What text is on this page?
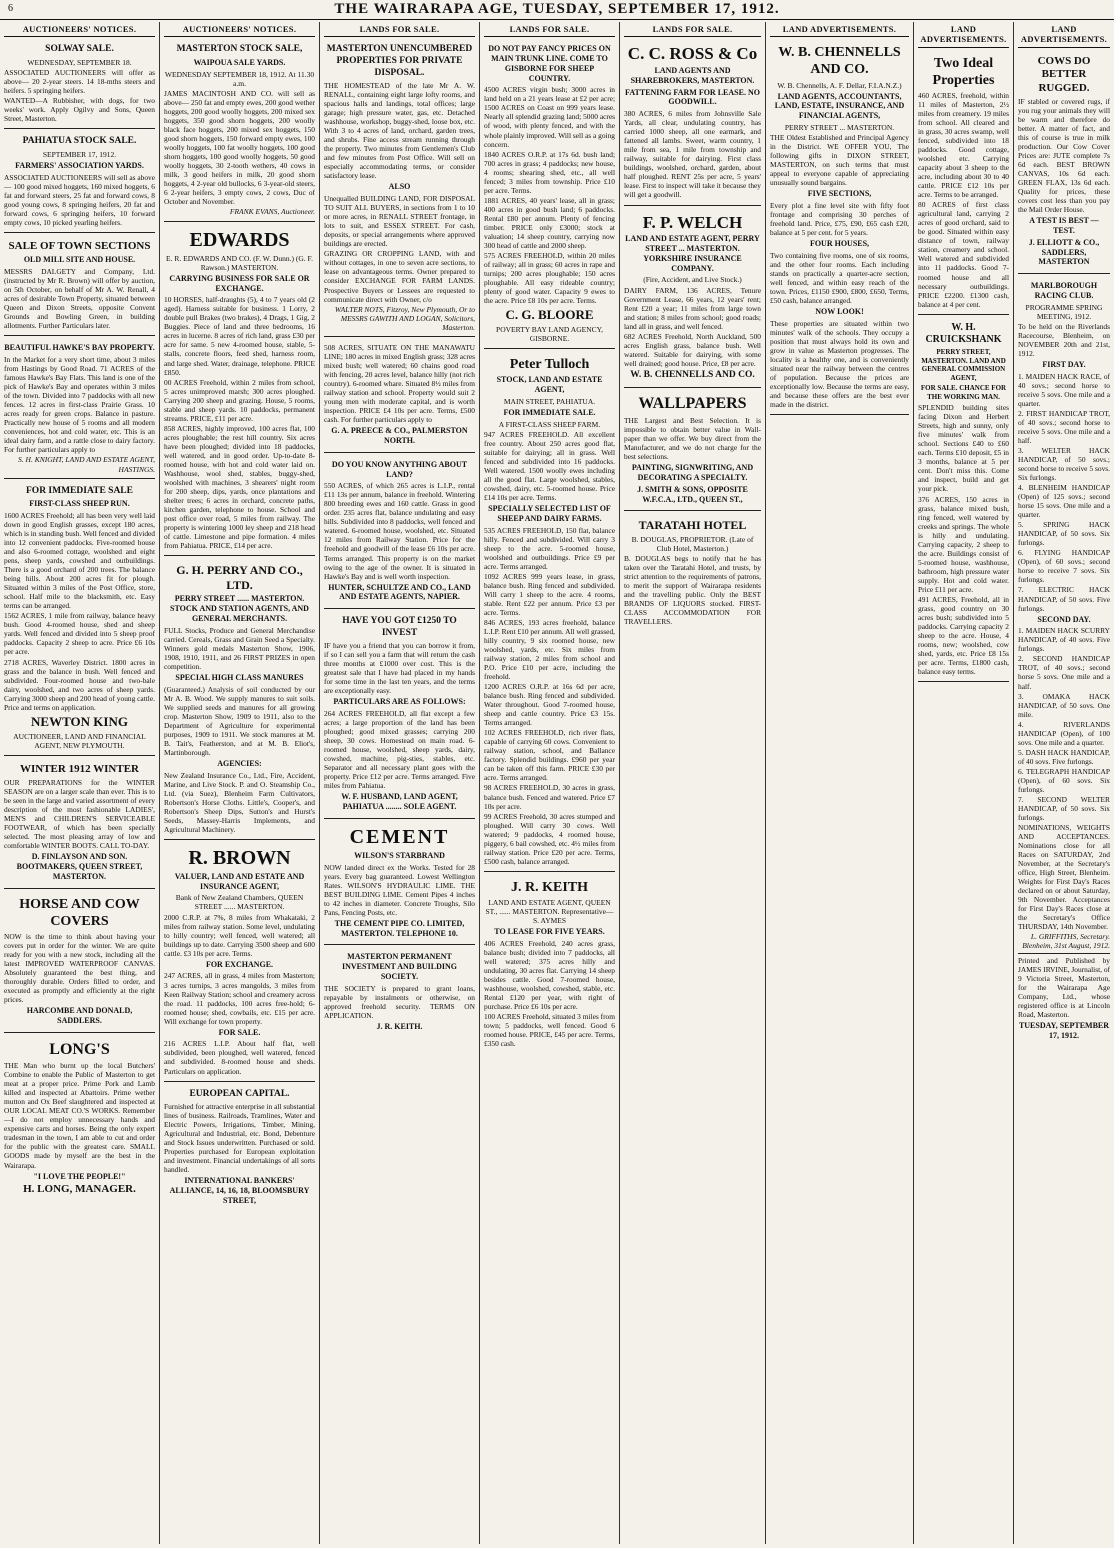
6	THE WAIRARAPA AGE, TUESDAY, SEPTEMBER 17, 1912.
AUCTIONEERS' NOTICES.
SOLWAY SALE.
WEDNESDAY, SEPTEMBER 18.

ASSOCIATED AUCTIONEERS will offer as above— 20 2-year steers. 14 18-mths steers and heifers. 5 springing heifers.

WANTED—A Rubbisher, with dogs, for two weeks' work. Apply Ogilvy and Sons, Queen Street, Masterton.

PAHIATUA STOCK SALE.
SEPTEMBER 17, 1912.
FARMERS' ASSOCIATION YARDS.

ASSOCIATED AUCTIONEERS will sell as above— 100 good mixed hoggets, 160 mixed hoggets, 6 fat and forward steers, 25 fat and forward cows, 8 good young cows, 8 springing heifers, 20 fat and forward cows, 6 springing heifers, 10 forward empty cows, 10 picked yearling heifers.

SALE OF TOWN SECTIONS
OLD MILL SITE AND HOUSE.

MESSRS DALGETY and Company, Ltd. (instructed by Mr R. Brown) will offer by auction, on 5th October, on behalf of Mr A. W. Renall, 4 acres of desirable Town Property, situated between Queen and Dixon Streets, opposite Convent Grounds and Bowling Green, in building allotments. Further Particulars later.

BEAUTIFUL HAWKE'S BAY PROPERTY.

In the Market for a very short time, about 3 miles from Hastings by Good Road. 71 ACRES of the famous Hawke's Bay Flats. This land is one of the pick of Hawke's Bay and operates within 3 miles of the town. Divided into 7 paddocks with all new fences. 12 acres in first-class Prairie Grass. 10 acres ready for green crops. Balance in pasture. Practically new house of 5 rooms and all modern conveniences, hot and cold water, etc. This is an ideal dairy farm, and a rattle close to dairy factory. For further particulars apply to

S. H. KNIGHT, LAND AND ESTATE AGENT, HASTINGS.
FOR IMMEDIATE SALE
FIRST-CLASS SHEEP RUN.

1600 ACRES Freehold; all has been very well laid down in good English grasses, except 180 acres, which is in standing bush. Well fenced and divided into 12 convenient paddocks. Five-roomed house and also 6-roomed cottage, woolshed and eight pens, sheep yards, cowshed and outbuildings. There is a good orchard of 200 trees. The balance being hills. About 200 acres fit for plough. Situated within 3 miles of the Post Office, store, school. Half mile to the blacksmith, etc. Easy terms can be arranged.

1562 ACRES, 1 mile from railway, balance heavy bush. Good 4-roomed house, shed and sheep yards. Well fenced and divided into 5 sheep proof paddocks. Capacity 2 sheep to acre. Price £6 10s per acre.

2718 ACRES, Waverley District. 1800 acres in grass and the balance in bush. Well fenced and subdivided. Four-roomed house and two-bale dairy, woolshed, and two acres of sheep yards. Carrying 3000 sheep and 200 head of young cattle. Price and terms on application.

NEWTON KING
AUCTIONEER, LAND AND FINANCIAL AGENT, NEW PLYMOUTH.
WINTER 1912 WINTER

OUR PREPARATIONS for the WINTER SEASON are on a larger scale than ever. This is to be seen in the large and varied assortment of every description of the most fashionable LADIES', MEN'S and CHILDREN'S SERVICEABLE FOOTWEAR, of which has been specially selected. The most pleasing array of low and comfortable WINTER BOOTS. CALL TO-DAY.

D. FINLAYSON AND SON. BOOTMAKERS, QUEEN STREET, MASTERTON.
HORSE AND COW COVERS

NOW is the time to think about having your covers put in order for the winter. We are quite ready for you with a new stock, including all the latest IMPROVED WATERPROOF CANVAS. Absolutely guaranteed the best thing, and thoroughly durable. Orders filled to order, and executed as promptly and efficiently at the right prices.

HARCOMBE AND DONALD, SADDLERS.
LONG'S

THE Man who burnt up the local Butchers' Combine to enable the Public of Masterton to get meat at a proper price. Prime Pork and Lamb killed and inspected at Abattoirs. Prime wether mutton and Ox Beef slaughtered and inspected at OUR LOCAL MEAT CO.'S WORKS. Remember—I do not employ unnecessary hands and expensive carts and horses. Being the only expert tradesman in the town, I am able to cut and order for the public with the greatest care. SMALL GOODS made by myself are the best in the Wairarapa.

"I LOVE THE PEOPLE!"
H. LONG, MANAGER.
AUCTIONEERS' NOTICES.
MASTERTON STOCK SALE,
WAIPOUA SALE YARDS.
WEDNESDAY SEPTEMBER 18, 1912. At 11.30 a.m.

JAMES MACINTOSH AND CO. will sell as above— 250 fat and empty ewes, 200 good wether hoggets, 200 good woolly hoggets, 200 mixed sex hoggets, 350 good shorn hoggets, 200 woolly black face hoggets, 200 mixed sex hoggets, 150 good shorn hoggets, 150 forward empty ewes, 100 woolly hoggets, 100 fat woolly hoggets, 100 good shorn hoggets, 100 good woolly hoggets, 50 good woolly hoggets, 30 2-tooth wethers, 40 cows in milk, 3 good heifers in milk, 20 good shorn hoggets, 4 2-year old bullocks, 6 3-year-old steers, 6 2-year heifers, 3 empty cows, 2 cows, Duc of October and November.

FRANK EVANS, Auctioneer.
EDWARDS
E. R. EDWARDS AND CO. (F. W. Dunn.) (G. F. Rawson.) MASTERTON.
CARRYING BUSINESS FOR SALE OR EXCHANGE.

10 HORSES, half-draughts (5), 4 to 7 years old (2 aged). Harness suitable for business. 1 Lorry, 2 double pull Brakes (two brakes), 4 Drags, 1 Gig, 2 Buggies. Piece of land and three bedrooms, 16 acres in lucerne. 8 acres of rich land, grass £30 per acre for same. 5 new 4-roomed house, stable, 5-stalls, concrete floors, feed shed, harness room, and large shed. Water, drainage, telephone. PRICE £850.

00 ACRES Freehold, within 2 miles from school, 5 acres unimproved marsh; 300 acres ploughed. Carrying 200 sheep and grazing. House, 5 rooms, stable and sheep yards. 10 paddocks, permanent streams. PRICE, £11 per acre.

858 ACRES, highly improved, 100 acres flat, 100 acres ploughable; the rest hill country. Six acres have been ploughed; divided into 18 paddocks, well watered, and in good order. Up-to-date 8-roomed house, with hot and cold water laid on. Washhouse, wool shed, stables, buggy-shed, woolshed with machines, 3 shearers' night room for 200 sheep, dips, yards, once plantations and shelter trees; 6 acres in orchard, concrete paths, kitchen garden, telephone to house. School and post office over road, 5 miles from railway. The property is wintering 1000 ley sheep and 218 head of cattle. Limestone and pipe formation. 4 miles from Pahiatua. PRICE, £14 per acre.

G. H. PERRY AND CO., LTD.
PERRY STREET ...... MASTERTON. STOCK AND STATION AGENTS, AND GENERAL MERCHANTS.

FULL Stocks, Produce and General Merchandise carried. Cereals, Grass and Grain Seed a Specialty. Winners gold medals Masterton Show, 1906, 1908, 1910, 1911, and 26 FIRST PRIZES in open competition.

SPECIAL HIGH CLASS MANURES

(Guaranteed.) Analysis of soil conducted by our Mr A. B. Wood. We supply manures to suit soils. We supplied seeds and manures for all growing crop. Masterton Show, 1909 to 1911, also to the Department of Agriculture for experimental purposes, 1909 to 1911. We stock manures at M. B. Tait's, Featherston, and at M. B. Eliot's, Martinborough.

AGENCIES:

New Zealand Insurance Co., Ltd., Fire, Accident, Marine, and Live Stock. P. and O. Steamship Co., Ltd. (via Suez), Blenheim Farm Cultivators, Robertson's Horse Cloths. Little's, Cooper's, and Robertson's Sheep Dips, Sutton's and Hurst's Seeds, Massey-Harris Implements, and Agricultural Machinery.

R. BROWN
VALUER, LAND AND ESTATE AND INSURANCE AGENT,
Bank of New Zealand Chambers, QUEEN STREET ...... MASTERTON.

2000 C.R.P. at 7%, 8 miles from Whakataki, 2 miles from railway station. Some level, undulating to hilly country; well fenced, well watered; all buildings up to date. Carrying 3500 sheep and 600 cattle. £3 10s per acre. Terms.

FOR EXCHANGE.

247 ACRES, all in grass, 4 miles from Masterton; 3 acres turnips, 3 acres mangolds, 3 miles from Keen Railway Station; school and creamery across the road. 11 paddocks, 100 acres free-hold; 6-roomed house; shed, cowbails, etc. £15 per acre. Will exchange for town property.

FOR SALE.

216 ACRES L.I.P. About half flat, well subdivided, been ploughed, well watered, fenced and subdivided. 8-roomed house and sheds. Particulars on application.

EUROPEAN CAPITAL.

Furnished for attractive enterprise in all substantial lines of business. Railroads, Tramlines, Water and Electric Powers, Irrigations, Timber, Mining, Agricultural and Industrial, etc. Bond, Debenture and Stock Issues underwritten. Purchased or sold. Properties purchased for European exploitation and investment. Financial undertakings of all sorts handled.

INTERNATIONAL BANKERS' ALLIANCE, 14, 16, 18, BLOOMSBURY STREET,
LANDS FOR SALE.
MASTERTON UNENCUMBERED PROPERTIES FOR PRIVATE DISPOSAL.

THE HOMESTEAD of the late Mr A. W. RENALL, containing eight large lofty rooms, and spacious halls and landings, total offices; large garage; high pressure water, gas, etc. Detached washhouse, workshop, buggy-shed, loose box, etc. With 3 to 4 acres of land, orchard, garden trees, and shrubs. Fine access stream running through the property. Two minutes from Gentlemen's Club and few minutes from Post Office. Will sell on especially accommodating terms, or consider satisfactory lease.

ALSO

Unequalled BUILDING LAND, FOR DISPOSAL TO SUIT ALL BUYERS, in sections from 1 to 10 or more acres, in RENALL STREET frontage, in lots to suit, and ESSEX STREET. For cash, deposits, or special arrangements where approved buildings are erected.

GRAZING OR CROPPING LAND, with and without cottages, in one to seven acre sections, to lease on advantageous terms. Owner prepared to consider EXCHANGE FOR FARM LANDS. Prospective Buyers or Lessees are requested to communicate direct with Owner, c/o

WALTER NOTS, Fitzroy, New Plymouth, Or to MESSRS GAWITH AND LOGAN, Solicitors, Masterton.

508 ACRES, SITUATE ON THE MANAWATU LINE; 180 acres in mixed English grass; 328 acres mixed bush; well watered; 60 chains good road with fencing, 20 acres level, balance hilly (not rich country). 6-roomed whare. Situated 8½ miles from railway station and school. Property would suit 2 young men with moderate capital, and is worth inspection. PRICE £4 10s per acre. Terms, £500 cash. For further particulars apply to

G. A. PREECE & CO., PALMERSTON NORTH.
DO YOU KNOW ANYTHING ABOUT LAND?

550 ACRES, of which 265 acres is L.I.P., rental £11 13s per annum, balance in freehold. Wintering 800 breeding ewes and 160 cattle. Grass in good order. 235 acres flat, balance undulating and easy hills. Subdivided into 8 paddocks, well fenced and watered. 6-roomed house, woolshed, etc. Situated 12 miles from Railway Station. Price for the freehold and goodwill of the lease £6 10s per acre. Terms arranged. This property is on the market owing to the age of the owner. It is situated in Hawke's Bay and is well worth inspection.

HUNTER, SCHULTZE AND CO., LAND AND ESTATE AGENTS, NAPIER.
HAVE YOU GOT £1250 TO INVEST

IF have you a friend that you can borrow it from, if so I can sell you a farm that will return the cash three months at £1000 over cost. This is the greatest sale that I have had placed in my hands for some time in the last ten years, and the terms are exceptionally easy.

PARTICULARS ARE AS FOLLOWS:

264 ACRES FREEHOLD, all flat except a few acres; a large proportion of the land has been ploughed; good mixed grasses; carrying 200 sheep, 30 cows. Homestead on main road. 6-roomed house, woolshed, sheep yards, dairy, cowshed, machine, pig-sties, stables, etc. Separator and all necessary plant goes with the property. Price £12 per acre. Terms arranged. Five miles from Pahiatua.

W. F. HUSBAND, LAND AGENT, PAHIATUA ........ SOLE AGENT.
CEMENT
WILSON'S STARBRAND

NOW landed direct ex the Works. Tested for 28 years. Every bag guaranteed. Lowest Wellington Rates. WILSON'S HYDRAULIC LIME. THE BEST BUILDING LIME. Cement Pipes 4 inches to 42 inches in diameter. Concrete Troughs, Silo Pans, Fencing Posts, etc.

THE CEMENT PIPE CO. LIMITED, MASTERTON. TELEPHONE 10.
MASTERTON PERMANENT INVESTMENT AND BUILDING SOCIETY.

THE SOCIETY is prepared to grant loans, repayable by instalments or otherwise, on approved freehold security. TERMS ON APPLICATION.

J. R. KEITH.
LANDS FOR SALE.
DO NOT PAY FANCY PRICES ON MAIN TRUNK LINE. COME TO GISBORNE FOR SHEEP COUNTRY.

4500 ACRES virgin bush; 3000 acres in land held on a 21 years lease at £2 per acre; 1500 ACRES on Coast on 999 years lease. Nearly all splendid grazing land; 5000 acres of wood, with plenty fenced, and with the whole plainly improved. Will sell as a going concern.

1840 ACRES O.R.P. at 17s 6d. bush land; 700 acres in grass; 4 paddocks; new house, 4 rooms; shearing shed, etc., all well fenced; 3 miles from township. Price £10 per acre. Terms.

1881 ACRES, 40 years' lease, all in grass; 400 acres in good bush land; 6 paddocks. Rental £80 per annum. Plenty of fencing timber. PRICE only £3000; stock at valuation; 14 sheep country, carrying now 300 head of cattle and 2000 sheep.

575 ACRES FREEHOLD, within 20 miles of railway; all in grass; 60 acres in rape and turnips; 200 acres ploughable; 150 acres ploughable. All easy rideable country; plenty of good water. Capacity 9 ewes to the acre. Price £8 10s per acre. Terms.

C. G. BLOORE
POVERTY BAY LAND AGENCY, GISBORNE.
Peter Tulloch
STOCK, LAND AND ESTATE AGENT,
MAIN STREET, PAHIATUA.
FOR IMMEDIATE SALE.
A FIRST-CLASS SHEEP FARM.

947 ACRES FREEHOLD. All excellent free country. About 250 acres good flat, suitable for dairying; all in grass. Well fenced and subdivided into 16 paddocks. Well watered. 1500 woolly ewes including all the good flat. Large woolshed, stables, cowshed, dairy, etc. 5-roomed house. Price £14 10s per acre. Terms.

SPECIALLY SELECTED LIST OF SHEEP AND DAIRY FARMS.

535 ACRES FREEHOLD, 150 flat, balance hilly. Fenced and subdivided. Will carry 3 sheep to the acre. 5-roomed house, woolshed and outbuildings. Price £9 per acre. Terms arranged.

1092 ACRES 999 years lease, in grass, balance bush. Ring fenced and subdivided. Will carry 1 sheep to the acre. 4 rooms, stable. Rent £22 per annum. Price £3 per acre. Terms.

846 ACRES, 193 acres freehold, balance L.I.P. Rent £10 per annum. All well grassed, hilly country, 9 six roomed house, new woolshed, yards, etc. Six miles from railway station, 2 miles from school and P.O. Price £10 per acre, including the freehold.

1200 ACRES O.R.P. at 16s 6d per acre, balance bush. Ring fenced and subdivided. Water throughout. Good 7-roomed house, sheep and cattle country. Price £3 15s. Terms arranged.

102 ACRES FREEHOLD, rich river flats, capable of carrying 60 cows. Convenient to railway station, school, and Ballance factory. Splendid buildings. £960 per year can be taken off this farm. PRICE £30 per acre. Terms arranged.

98 ACRES FREEHOLD, 30 acres in grass, balance bush. Fenced and watered. Price £7 10s per acre.

99 ACRES Freehold, 30 acres stumped and ploughed. Will carry 30 cows. Well watered; 9 paddocks, 4 roomed house, piggery, 6 bail cowshed, etc. 4½ miles from railway station. Price £20 per acre. Terms, £500 cash, balance arranged.

J. R. KEITH
LAND AND ESTATE AGENT, QUEEN ST., ...... MASTERTON. Representative— S. AYMES
TO LEASE FOR FIVE YEARS.

406 ACRES Freehold, 240 acres grass, balance bush; divided into 7 paddocks, all well watered; 375 acres hilly and undulating, 30 acres flat. Carrying 14 sheep besides cattle. Good 7-roomed house, washhouse, woolshed, cowshed, stable, etc. Rental £120 per year, with right of purchase. Price £6 10s per acre.

100 ACRES Freehold, situated 3 miles from town; 5 paddocks, well fenced. Good 6 roomed house. PRICE, £45 per acre. Terms, £350 cash.

LANDS FOR SALE.
C. C. ROSS & Co
LAND AGENTS AND SHAREBROKERS, MASTERTON.
FATTENING FARM FOR LEASE. NO GOODWILL.

380 ACRES, 6 miles from Johnsville Sale Yards, all clear, undulating country, has carried 1000 sheep, all one earmark, and fattened all lambs. Sweet, warm country, 1 mile from sea, 1 mile from township and railway, suitable for dairying. First class buildings, woolshed, orchard, garden, about half ploughed. RENT 25s per acre, 5 years' lease. First to inspect will take it because they will get a goodwill.

F. P. WELCH
LAND AND ESTATE AGENT, PERRY STREET ... MASTERTON. YORKSHIRE INSURANCE COMPANY.
(Fire, Accident, and Live Stock.)

DAIRY FARM, 136 ACRES, Tenure Government Lease, 66 years, 12 years' rent; Rent £20 a year; 11 miles from large town and station; 8 miles from school; good roads; land all in grass, and well fenced.

682 ACRES Freehold, North Auckland, 500 acres English grass, balance bush. Well watered. Suitable for dairying, with some well drained; good house. Price, £8 per acre.

W. B. CHENNELLS AND CO.
WALLPAPERS

THE Largest and Best Selection. It is impossible to obtain better value in Wall-paper than we offer. We buy direct from the Manufacturer, and we do not charge for the best selections.

PAINTING, SIGNWRITING, AND DECORATING A SPECIALTY.
J. SMITH & SONS, OPPOSITE W.F.C.A., LTD., QUEEN ST.,
TARATAHI HOTEL
B. DOUGLAS, PROPRIETOR. (Late of Club Hotel, Masterton.)

B. DOUGLAS begs to notify that he has taken over the Taratahi Hotel, and trusts, by strict attention to the requirements of patrons, to merit the support of Wairarapa residents and the travelling public. Only the BEST BRANDS OF LIQUORS stocked. FIRST-CLASS ACCOMMODATION FOR TRAVELLERS.

LAND ADVERTISEMENTS.
W. B. CHENNELLS AND CO.
W. B. Chennells, A. F. Dellar, F.I.A.N.Z.)
LAND AGENTS, ACCOUNTANTS, LAND, ESTATE, INSURANCE, AND FINANCIAL AGENTS,
PERRY STREET ... MASTERTON.

THE Oldest Established and Principal Agency in the District. WE OFFER YOU, The following gifts in DIXON STREET, MASTERTON, on such terms that must appeal to everyone capable of appreciating unusually sound bargains.

FIVE SECTIONS,

Every plot a fine level site with fifty foot frontage and comprising 30 perches of freehold land. Price, £75, £90, £65 cash £20, balance at 5 per cent. for 5 years.

FOUR HOUSES,

Two containing five rooms, one of six rooms, and the other four rooms. Each including stands on practically a quarter-acre section, well fenced, and within easy reach of the town. Prices, £1150 £900, £800, £650, Terms, £50 cash, balance arranged.

NOW LOOK!

These properties are situated within two minutes' walk of the schools. They occupy a position that must always hold its own and grow in value as Masterton progresses. The locality is a healthy one, and is conveniently situated near the railway between the centres of population. Because the prices are exceptionally low. Because the terms are easy, and because these offers are the best ever made in the district.

LAND ADVERTISEMENTS.
Two Ideal Properties

460 ACRES, freehold, within 11 miles of Masterton, 2½ miles from creamery. 19 miles from school. All cleared and in grass, 30 acres swamp, well fenced, subdivided into 18 paddocks. Good cottage, woolshed etc. Carrying capacity about 3 sheep to the acre, including about 30 to 40 cattle. PRICE £12 10s per acre. Terms to be arranged.

80 ACRES of first class agricultural land, carrying 2 acres of good orchard, said to be good. Situated within easy distance of town, railway station, creamery and school. Well watered and subdivided into 11 paddocks. Good 7-roomed house and all necessary outbuildings. PRICE £2200. £1300 cash, balance at 4 per cent.

W. H. CRUICKSHANK
PERRY STREET, MASTERTON. LAND AND GENERAL COMMISSION AGENT,
FOR SALE. CHANCE FOR THE WORKING MAN.

SPLENDID building sites facing Dixon and Herbert Streets, high and sunny, only five minutes' walk from school. Sections £40 to £60 each. Terms £10 deposit, £5 in 3 months, balance at 5 per cent. Don't miss this. Come and inspect, build and get your pick.

376 ACRES, 150 acres in grass, balance mixed bush, ring fenced, well watered by creeks and springs. The whole is hilly and undulating. Carrying capacity, 2 sheep to the acre. Buildings consist of 5-roomed house, washhouse, bathroom, high pressure water supply. Hot and cold water. Price £11 per acre.

491 ACRES, Freehold, all in grass, good country on 30 acres bush; subdivided into 5 paddocks. Carrying capacity 2 sheep to the acre. House, 4 rooms, new; woolshed, cow shed, yards, etc. Price £8 15s per acre. Terms, £1800 cash, balance easy terms.

LAND ADVERTISEMENTS.
COWS DO BETTER RUGGED.

IF stabled or covered rugs, if you rug your animals they will be warm and therefore do better. A matter of fact, and this of course is true in milk production. Our Cow Cover Prices are: JUTE complete 7s 6d each. BEST BROWN CANVAS, 10s 6d each. GREEN FLAX, 13s 6d each. Quality for prices, these covers cost less than you pay the Mail Order House.

A TEST IS BEST — TEST.
J. ELLIOTT & CO., SADDLERS, MASTERTON
MARLBOROUGH RACING CLUB.
PROGRAMME SPRING MEETING, 1912.

To be held on the Riverlands Racecourse, Blenheim, on NOVEMBER 20th and 21st, 1912.

FIRST DAY.

1. MAIDEN HACK RACE, of 40 sovs.; second horse to receive 5 sovs. One mile and a quarter.

2. FIRST HANDICAP TROT, of 40 sovs.; second horse to receive 5 sovs. One mile and a half.

3. WELTER HACK HANDICAP, of 50 sovs.; second horse to receive 5 sovs. Six furlongs.

4. BLENHEIM HANDICAP (Open) of 125 sovs.; second horse 15 sovs. One mile and a quarter.

5. SPRING HACK HANDICAP, of 50 sovs. Six furlongs.

6. FLYING HANDICAP (Open), of 60 sovs.; second horse to receive 7 sovs. Six furlongs.

7. ELECTRIC HACK HANDICAP, of 50 sovs. Five furlongs.

SECOND DAY.

1. MAIDEN HACK SCURRY HANDICAP, of 40 sovs. Five furlongs.

2. SECOND HANDICAP TROT, of 40 sovs.; second horse 5 sovs. One mile and a half.

3. OMAKA HACK HANDICAP, of 50 sovs. One mile.

4. RIVERLANDS HANDICAP (Open), of 100 sovs. One mile and a quarter.

5. DASH HACK HANDICAP, of 40 sovs. Five furlongs.

6. TELEGRAPH HANDICAP (Open), of 60 sovs. Six furlongs.

7. SECOND WELTER HANDICAP, of 50 sovs. Six furlongs.

NOMINATIONS, WEIGHTS AND ACCEPTANCES. Nominations close for all Races on SATURDAY, 2nd November, at the Secretary's office, High Street, Blenheim. Weights for First Day's Races declared on or about Saturday, 9th November. Acceptances for First Day's Races close at the Secretary's Office THURSDAY, 14th November.

L. GRIFFITHS, Secretary. Blenheim, 31st August, 1912.

Printed and Published by JAMES IRVINE, Journalist, of 9 Victoria Street, Masterton, for the Wairarapa Age Company, Ltd., whose registered office is at Lincoln Road, Masterton.

TUESDAY, SEPTEMBER 17, 1912.
